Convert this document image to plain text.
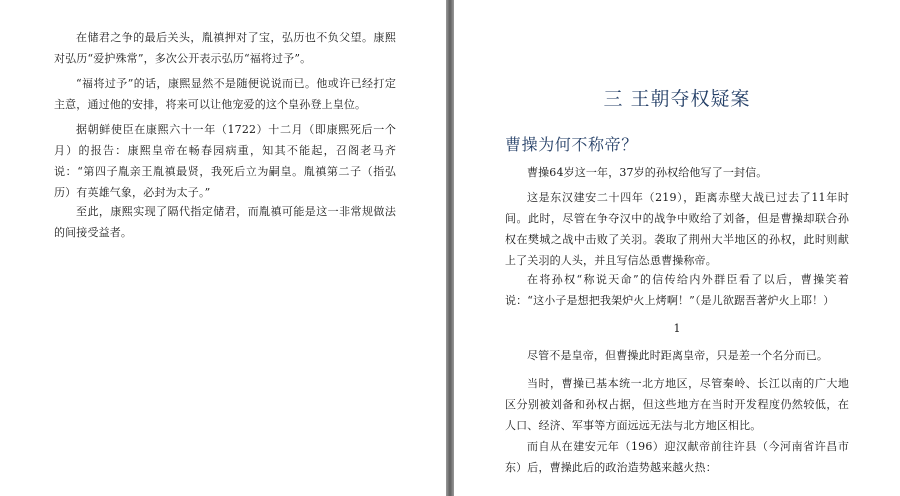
在储君之争的最后关头，胤禛押对了宝，弘历也不负父望。康熙对弘历“爱护殊常”，多次公开表示弘历“福将过予”。

“福将过予”的话，康熙显然不是随便说说而已。他或许已经打定主意，通过他的安排，将来可以让他宠爱的这个皇孙登上皇位。

据朝鲜使臣在康熙六十一年（1722）十二月（即康熙死后一个月）的报告：康熙皇帝在畅春园病重，知其不能起，召阁老马齐说：“第四子胤亲王胤禛最贤，我死后立为嗣皇。胤禛第二子（指弘历）有英雄气象，必封为太子。”

至此，康熙实现了隔代指定储君，而胤禛可能是这一非常规做法的间接受益者。

三 王朝夺权疑案
曹操为何不称帝？

曹操64岁这一年，37岁的孙权给他写了一封信。

这是东汉建安二十四年（219），距离赤壁大战已过去了11年时间。此时，尽管在争夺汉中的战争中败给了刘备，但是曹操却联合孙权在樊城之战中击败了关羽。袭取了荆州大半地区的孙权，此时则献上了关羽的人头，并且写信怂恿曹操称帝。

在将孙权“称说天命”的信传给内外群臣看了以后，曹操笑着说：“这小子是想把我架炉火上烤啊！”（是儿欲踞吾著炉火上耶！）

1

尽管不是皇帝，但曹操此时距离皇帝，只是差一个名分而已。

当时，曹操已基本统一北方地区，尽管秦岭、长江以南的广大地区分别被刘备和孙权占据，但这些地方在当时开发程度仍然较低，在人口、经济、军事等方面远远无法与北方地区相比。

而自从在建安元年（196）迎汉献帝前往许县（今河南省许昌市东）后，曹操此后的政治造势越来越火热：
